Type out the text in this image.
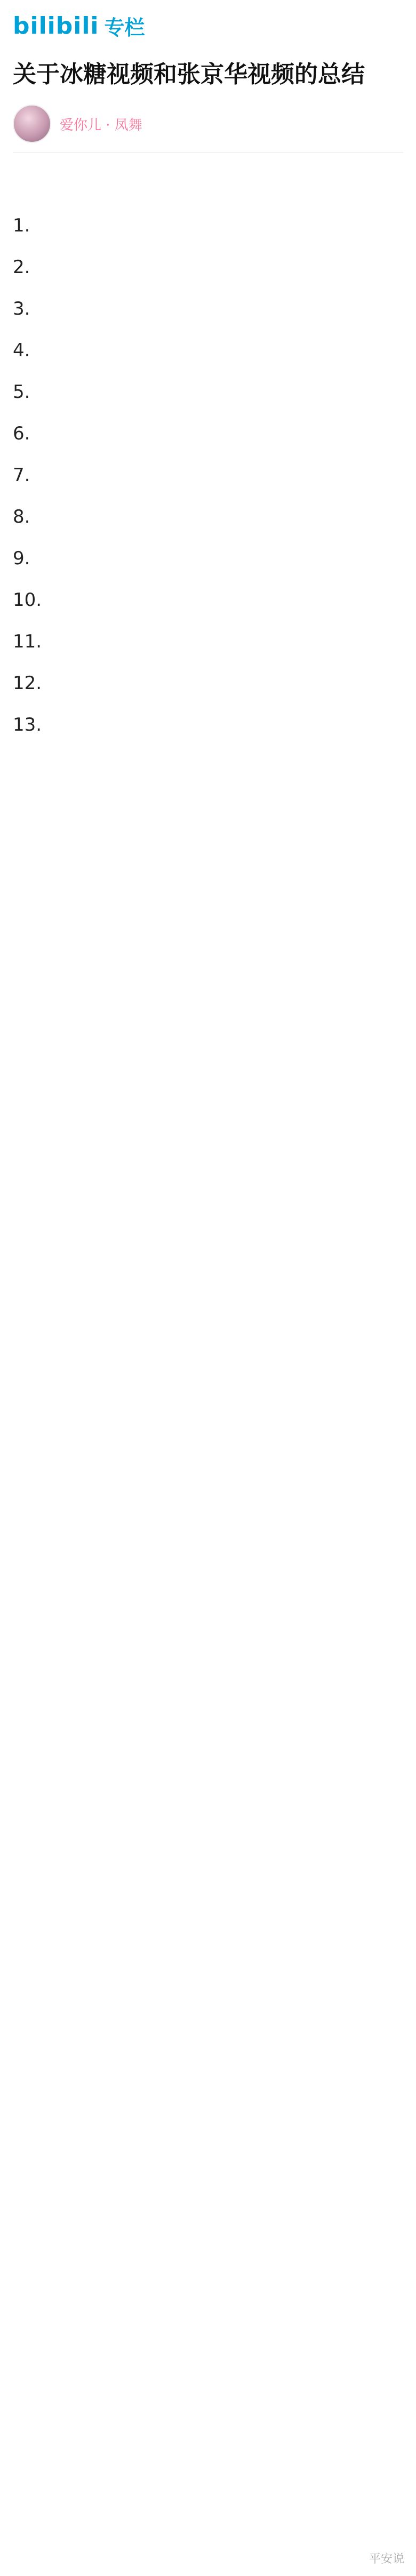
bilibili 专栏
关于冰糖视频和张京华视频的总结
爱你儿 · 凤舞

1.

2.

3.

4.

5.

6.

7.

8.

9.

10.

11.

12.

13.

平安说
